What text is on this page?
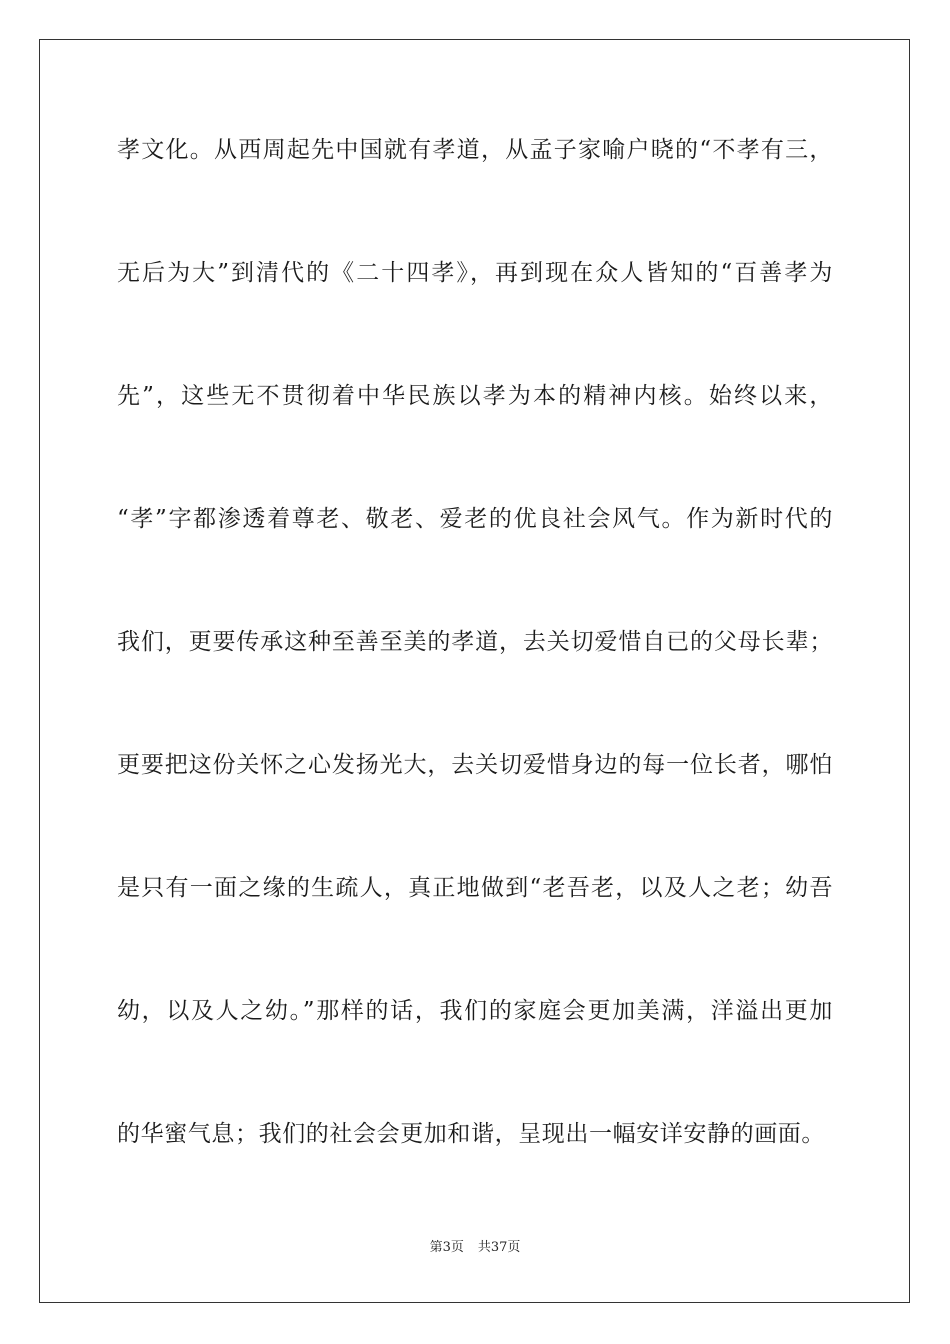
孝文化。从西周起先中国就有孝道，从孟子家喻户晓的“不孝有三，
无后为大”到清代的《二十四孝》，再到现在众人皆知的“百善孝为
先”，这些无不贯彻着中华民族以孝为本的精神内核。始终以来，
“孝”字都渗透着尊老、敬老、爱老的优良社会风气。作为新时代的
我们，更要传承这种至善至美的孝道，去关切爱惜自已的父母长辈；
更要把这份关怀之心发扬光大，去关切爱惜身边的每一位长者，哪怕
是只有一面之缘的生疏人，真正地做到“老吾老，以及人之老；幼吾
幼，以及人之幼。”那样的话，我们的家庭会更加美满，洋溢出更加
的华蜜气息；我们的社会会更加和谐，呈现出一幅安详安静的画面。
第3页 共37页
